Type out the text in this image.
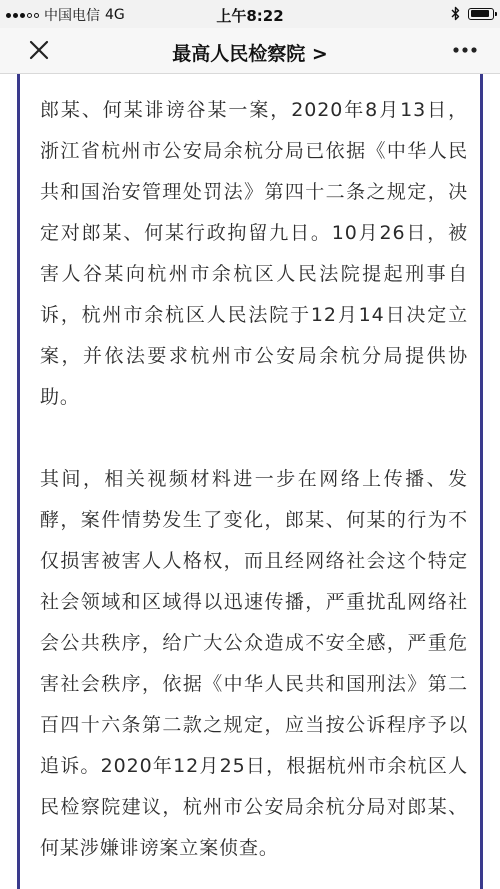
中国电信 4G	上午8:22
最高人民检察院 >

郎某、何某诽谤谷某一案，2020年8月13日，浙江省杭州市公安局余杭分局已依据《中华人民共和国治安管理处罚法》第四十二条之规定，决定对郎某、何某行政拘留九日。10月26日，被害人谷某向杭州市余杭区人民法院提起刑事自诉，杭州市余杭区人民法院于12月14日决定立案，并依法要求杭州市公安局余杭分局提供协助。

其间，相关视频材料进一步在网络上传播、发酵，案件情势发生了变化，郎某、何某的行为不仅损害被害人人格权，而且经网络社会这个特定社会领域和区域得以迅速传播，严重扰乱网络社会公共秩序，给广大公众造成不安全感，严重危害社会秩序，依据《中华人民共和国刑法》第二百四十六条第二款之规定，应当按公诉程序予以追诉。2020年12月25日，根据杭州市余杭区人民检察院建议，杭州市公安局余杭分局对郎某、何某涉嫌诽谤案立案侦查。
